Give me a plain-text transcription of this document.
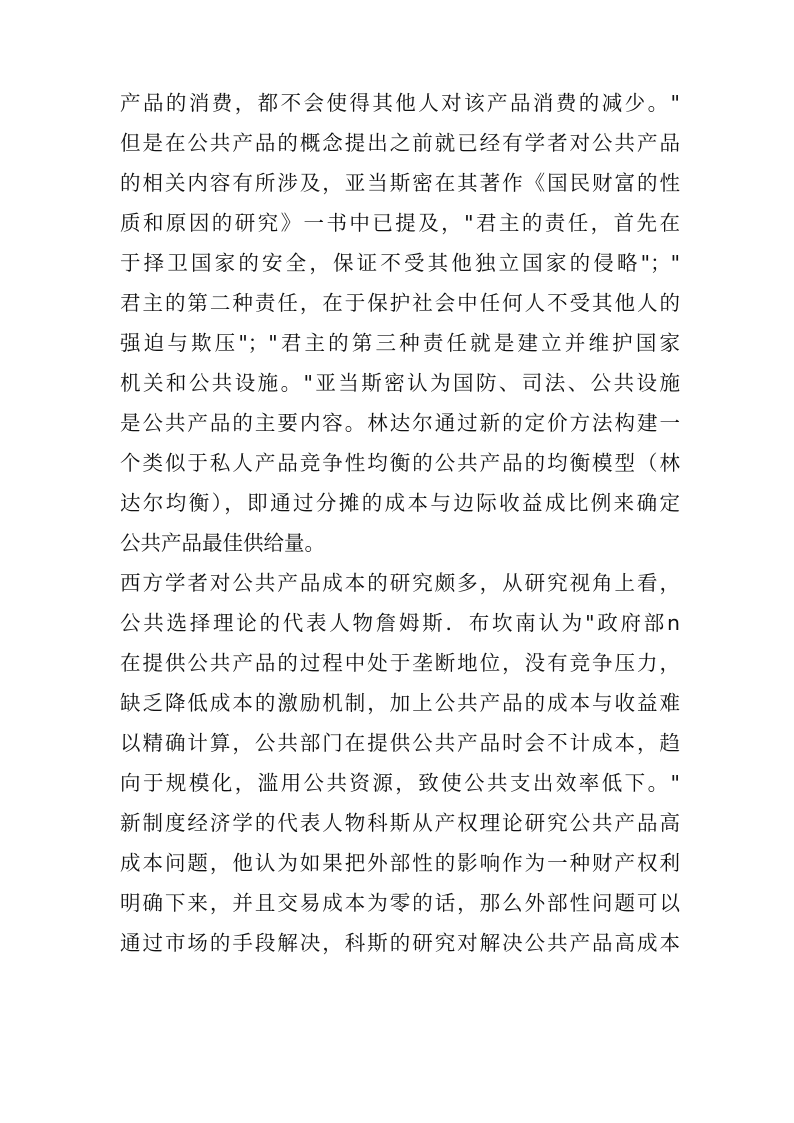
产品的消费，都不会使得其他人对该产品消费的减少。"
但是在公共产品的概念提出之前就已经有学者对公共产品
的相关内容有所涉及，亚当斯密在其著作《国民财富的性
质和原因的研究》一书中已提及，"君主的责任，首先在
于择卫国家的安全，保证不受其他独立国家的侵略"；"
君主的第二种责任，在于保护社会中任何人不受其他人的
强迫与欺压"；"君主的第三种责任就是建立并维护国家
机关和公共设施。"亚当斯密认为国防、司法、公共设施
是公共产品的主要内容。林达尔通过新的定价方法构建一
个类似于私人产品竞争性均衡的公共产品的均衡模型（林
达尔均衡），即通过分摊的成本与边际收益成比例来确定
公共产品最佳供给量。
西方学者对公共产品成本的研究颇多，从研究视角上看，
公共选择理论的代表人物詹姆斯．布坎南认为"政府部n
在提供公共产品的过程中处于垄断地位，没有竞争压力，
缺乏降低成本的激励机制，加上公共产品的成本与收益难
以精确计算，公共部门在提供公共产品时会不计成本，趋
向于规模化，滥用公共资源，致使公共支出效率低下。"
新制度经济学的代表人物科斯从产权理论研究公共产品高
成本问题，他认为如果把外部性的影响作为一种财产权利
明确下来，并且交易成本为零的话，那么外部性问题可以
通过市场的手段解决，科斯的研究对解决公共产品高成本
